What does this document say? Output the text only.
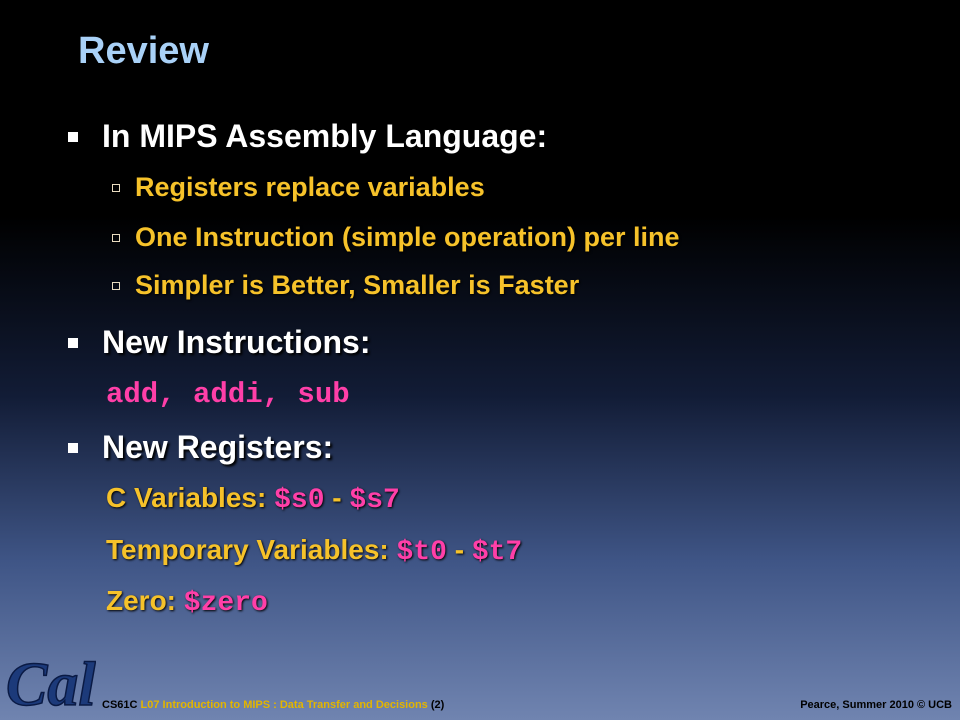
Review
In MIPS Assembly Language:
Registers replace variables
One Instruction (simple operation) per line
Simpler is Better, Smaller is Faster
New Instructions:
add, addi, sub
New Registers:
C Variables: $s0 - $s7
Temporary Variables: $t0 - $t7
Zero: $zero
Cal CS61C L07 Introduction to MIPS : Data Transfer and Decisions (2)	Pearce, Summer 2010 © UCB
